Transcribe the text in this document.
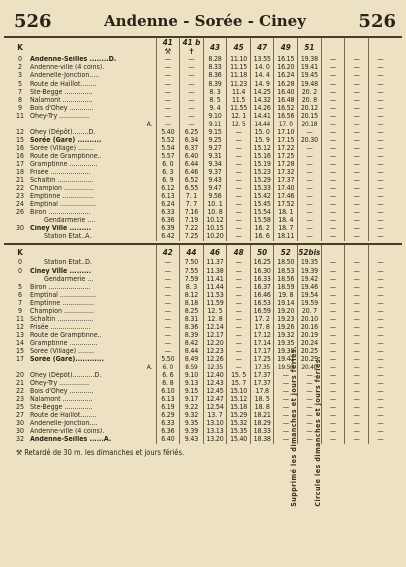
526	Andenne - Sorée - Ciney	526
K		41
⚒	41 b
✝	43	45	47	49	51			
0	Andenne-Seilles ........D.	—	—	8.28	11.10	13.55	16.15	19.38	—	—	—
2	Andenne-ville (4 coins).	—	—	8.33	11.15	14. 0	16.20	19.41	—	—	—
3	Andenelle-Jonction.....	—	—	8.36	11.18	14. 4	16.24	19.45	—	—	—
5	Route de Haillot........	—	—	8.39	11.23	14. 9	16.28	19.48	—	—	—
7	Ste-Begge ..............	—	—	8. 3	11.4	14.25	16.40	20. 2	—	—	—
8	Nalamont ...............	—	—	8. 5	11.5	14.32	16.48	20. 8	—	—	—
9	Bois d'Ohey ............	—	—	9. 4	11.55	14.26	16.52	20.12	—	—	—
11	Ohey-Try ...............	—	—	9.10	12. 1	14.41	16.56	20.15	—	—	—
	A.	—	—	9.11	12. 5	14.44	17. 0	20.18	—	—	—
12	Ohey (Dépôt)........D.	5.40	6.25	9.15	—	15. 0	17.10	—	—	—	—
15	Sorée (Gare) ..........	5.52	6.34	9.25	—	15. 9	17.15	20.30	—	—	—
16	Sorée (Village) ........	5.54	6.37	9.27	—	15.12	17.22	—	—	—	—
16	Route de Gramptinne..	5.57	6.40	9.31	—	15.16	17.25	—	—	—	—
17	Gramptinne ..............	6. 0	6.44	9.34	—	15.19	17.28	—	—	—	—
18	Frisée ....................	6. 3	6.46	9.37	—	15.23	17.32	—	—	—	—
21	Schaltin ..................	6. 9	6.52	9.43	—	15.29	17.37	—	—	—	—
22	Champion ...............	6.12	6.55	9.47	—	15.33	17.40	—	—	—	—
23	Emptinne ................	6.13	7. 1	9.56	—	15.42	17.46	—	—	—	—
24	Emptinal ..................	6.24	7. 7	10. 1	—	15.45	17.52	—	—	—	—
26	Biron .....................	6.33	7.16	10. 8	—	15.54	18. 1	—	—	—	—
	Gendarmerie ....	6.36	7.19	10.12	—	15.58	18. 4	—	—	—	—
30	Ciney Ville .........	6.39	7.22	10.15	—	16. 2	18. 7	—	—	—	—
	Station Etat..A.	6.42	7.25	10.20	—	16. 6	18.11	—	—	—	—
K		42	44	46	48	50	52	52bis			
0	Station Etat..D.	—	7.50	11.37	—	16.25	18.50	19.35	—	—	—
0	Ciney Ville .........	—	7.55	11.38	—	16.30	18.53	19.39	—	—	—
	Gendarmerie ...	—	7.59	11.41	—	16.33	18.56	19.42	—	—	—
5	Biron .....................	—	8. 3	11.44	—	16.37	18.59	19.46	—	—	—
6	Emptinal ..................	—	8.12	11.53	—	16.46	19. 8	19.54	—	—	—
7	Emptinne ................	—	8.18	11.59	—	16.53	19.14	19.59	—	—	—
9	Champion ...............	—	8.25	12. 5	—	16.59	19.20	20. 7	—	—	—
11	Schaltin ..................	—	8.31	12. 8	—	17. 2	19.23	20.10	—	—	—
12	Frisée ....................	—	8.36	12.14	—	17. 8	19.26	20.16	—	—	—
13	Route de Gramptinne..	—	8.39	12.17	—	17.12	19.32	20.19	—	—	—
14	Gramptinne ..............	—	8.42	12.20	—	17.14	19.35	20.24	—	—	—
15	Sorée (Village) ........	—	8.44	12.23	—	17.17	19.38	20.25	—	—	—
17	Sorée (Gare)............	5.50	8.49	12.26	—	17.25	19.41	20.29	—	—	—
	A.	6. 0	8.59	12.35	—	17.35	19.50	20.40	—	—	—
20	Ohey (Dépôt)...........D.	6. 6	9.10	12.40	15. 5	17.37	—	—	—	—	—
21	Ohey-Try ...............	6. 8	9.13	12.43	15. 7	17.37	—	—	—	—	—
22	Bois d'Ohey ............	6.10	9.15	12.45	15.10	17.8	—	—	—	—	—
23	Nalamont ...............	6.13	9.17	12.47	15.12	18. 5	—	—	—	—	—
25	Ste-Begge ..............	6.19	9.22	12.54	15.18	18. 8	—	—	—	—	—
27	Route de Haillot........	6.29	9.32	13. 7	15.29	18.21	—	—	—	—	—
30	Andenelle-Jonction....	6.33	9.35	13.10	15.32	18.29	—	—	—	—	—
30	Andenne-ville (4 coins).	6.36	9.39	13.13	15.35	18.33	—	—	—	—	—
32	Andenne-Seilles ......A.	6.40	9.43	13.20	15.40	18.38	—	—	—	—	—
Supprimé les dimanches et jours fériés. Circule les dimanches et jours fériés.
⚒ Retardé de 30 m. les dimanches et jours fériés.
